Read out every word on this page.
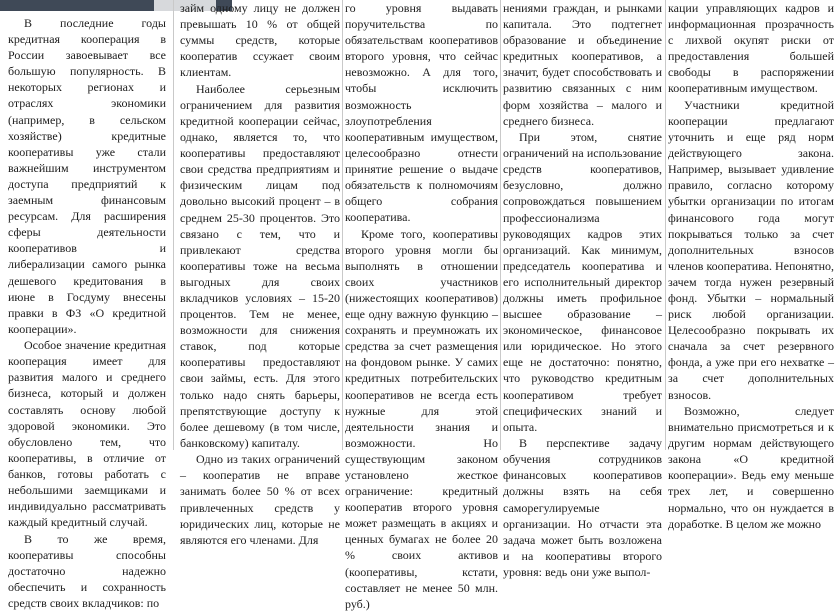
В последние годы кредитная кооперация в России завоевывает все большую популярность. В некоторых регионах и отраслях экономики (например, в сельском хозяйстве) кредитные кооперативы уже стали важнейшим инструментом доступа предприятий к заемным финансовым ресурсам. Для расширения сферы деятельности кооперативов и либерализации самого рынка дешевого кредитования в июне в Госдуму внесены правки в ФЗ «О кредитной кооперации».

Особое значение кредитная кооперация имеет для развития малого и среднего бизнеса, который и должен составлять основу любой здоровой экономики. Это обусловлено тем, что кооперативы, в отличие от банков, готовы работать с небольшими заемщиками и индивидуально рассматривать каждый кредитный случай.

В то же время, кооперативы способны достаточно надежно обеспечить и сохранность средств своих вкладчиков: по

займ одному лицу не должен превышать 10 % от общей суммы средств, которые кооператив ссужает своим клиентам.

Наиболее серьезным ограничением для развития кредитной кооперации сейчас, однако, является то, что кооперативы предоставляют свои средства предприятиям и физическим лицам под довольно высокий процент – в среднем 25-30 процентов. Это связано с тем, что и привлекают средства кооперативы тоже на весьма выгодных для своих вкладчиков условиях – 15-20 процентов. Тем не менее, возможности для снижения ставок, под которые кооперативы предоставляют свои займы, есть. Для этого только надо снять барьеры, препятствующие доступу к более дешевому (в том числе, банковскому) капиталу.

Одно из таких ограничений – кооператив не вправе занимать более 50 % от всех привлеченных средств у юридических лиц, которые не являются его членами. Для

го уровня выдавать поручительства по обязательствам кооперативов второго уровня, что сейчас невозможно. А для того, чтобы исключить возможность злоупотребления кооперативным имуществом, целесообразно отнести принятие решение о выдаче обязательств к полномочиям общего собрания кооператива.

Кроме того, кооперативы второго уровня могли бы выполнять в отношении своих участников (нижестоящих кооперативов) еще одну важную функцию – сохранять и преумножать их средства за счет размещения на фондовом рынке. У самих кредитных потребительских кооперативов не всегда есть нужные для этой деятельности знания и возможности. Но существующим законом установлено жесткое ограничение: кредитный кооператив второго уровня может размещать в акциях и ценных бумагах не более 20 % своих активов (кооперативы, кстати, составляет не менее 50 млн. руб.)

нениями граждан, и рынками капитала. Это подтегнет образование и объединение кредитных кооперативов, а значит, будет способствовать и развитию связанных с ним форм хозяйства – малого и среднего бизнеса.

При этом, снятие ограничений на использование средств кооперативов, безусловно, должно сопровождаться повышением профессионализма руководящих кадров этих организаций. Как минимум, председатель кооператива и его исполнительный директор должны иметь профильное высшее образование – экономическое, финансовое или юридическое. Но этого еще не достаточно: понятно, что руководство кредитным кооперативом требует специфических знаний и опыта.

В перспективе задачу обучения сотрудников финансовых кооперативов должны взять на себя саморегулируемые организации. Но отчасти эта задача может быть возложена и на кооперативы второго уровня: ведь они уже выпол-

кации управляющих кадров и информационная прозрачность с лихвой окупят риски от предоставления большей свободы в распоряжении кооперативным имуществом.

Участники кредитной кооперации предлагают уточнить и еще ряд норм действующего закона. Например, вызывает удивление правило, согласно которому убытки организации по итогам финансового года могут покрываться только за счет дополнительных взносов членов кооператива. Непонятно, зачем тогда нужен резервный фонд. Убытки – нормальный риск любой организации. Целесообразно покрывать их сначала за счет резервного фонда, а уже при его нехватке – за счет дополнительных взносов.

Возможно, следует внимательно присмотреться и к другим нормам действующего закона «О кредитной кооперации». Ведь ему меньше трех лет, и совершенно нормально, что он нуждается в доработке. В целом же можно
